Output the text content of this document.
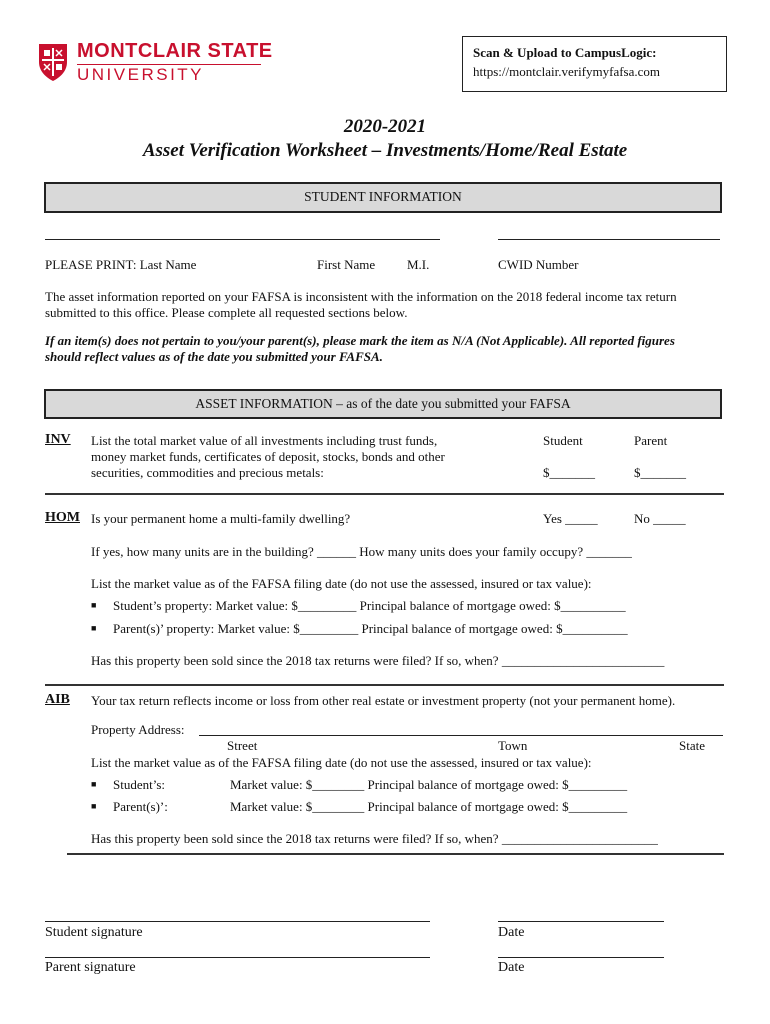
MONTCLAIR STATE
UNIVERSITY
Scan & Upload to CampusLogic:
https://montclair.verifymyfafsa.com
2020-2021
Asset Verification Worksheet – Investments/Home/Real Estate
STUDENT INFORMATION
PLEASE PRINT: Last Name	First Name M.I.	CWID Number
The asset information reported on your FAFSA is inconsistent with the information on the 2018 federal income tax return
submitted to this office. Please complete all requested sections below.
If an item(s) does not pertain to you/your parent(s), please mark the item as N/A (Not Applicable). All reported figures
should reflect values as of the date you submitted your FAFSA.
ASSET INFORMATION – as of the date you submitted your FAFSA
INV List the total market value of all investments including trust funds,
money market funds, certificates of deposit, stocks, bonds and other
securities, commodities and precious metals:
Student	Parent
$_______	$_______
HOM Is your permanent home a multi-family dwelling?	Yes _____	No _____
If yes, how many units are in the building? ______ How many units does your family occupy? _______
List the market value as of the FAFSA filing date (do not use the assessed, insured or tax value):
■ Student’s property: Market value: $_________ Principal balance of mortgage owed: $__________
■ Parent(s)’ property: Market value: $_________ Principal balance of mortgage owed: $__________
Has this property been sold since the 2018 tax returns were filed? If so, when? _________________________
AIB Your tax return reflects income or loss from other real estate or investment property (not your permanent home).
Property Address:
Street	Town	State
List the market value as of the FAFSA filing date (do not use the assessed, insured or tax value):
■ Student’s:	Market value: $________ Principal balance of mortgage owed: $_________
■ Parent(s)’:	Market value: $________ Principal balance of mortgage owed: $_________
Has this property been sold since the 2018 tax returns were filed? If so, when? ________________________
Student signature	Date
Parent signature	Date
